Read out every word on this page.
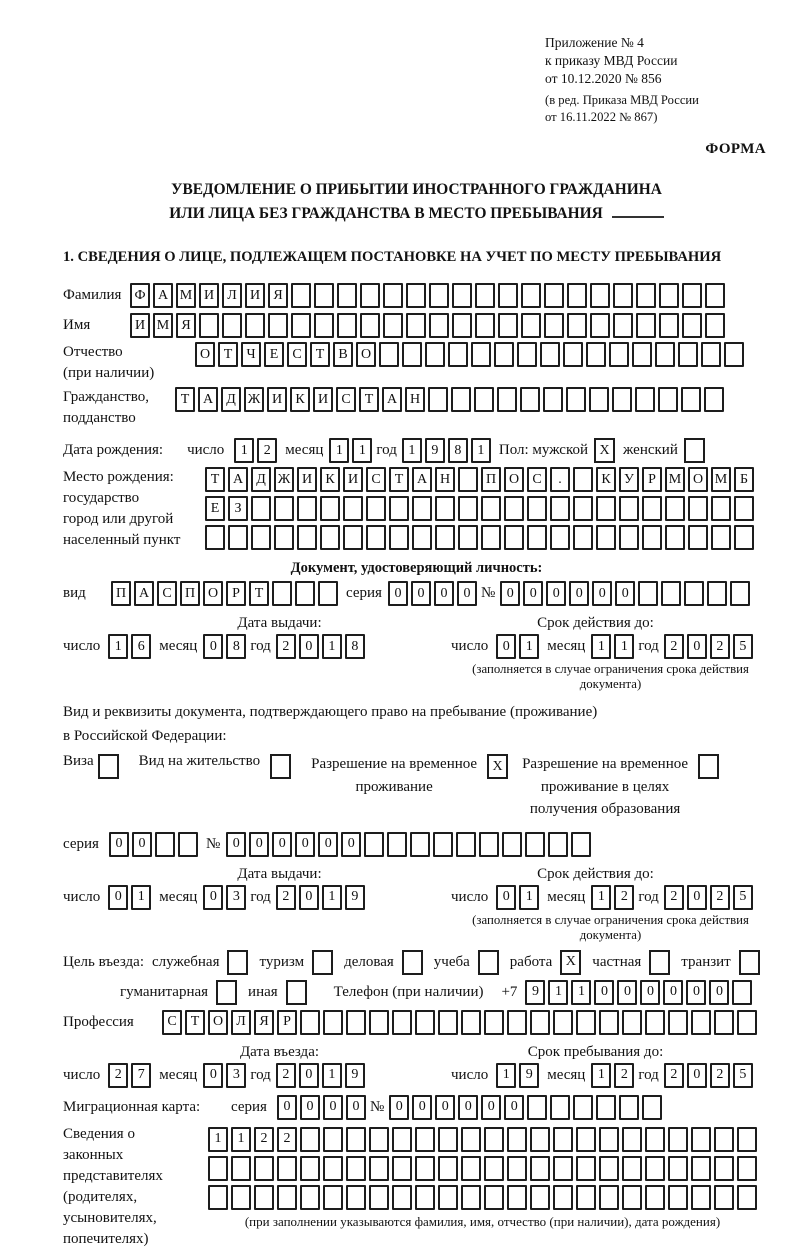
Приложение № 4
к приказу МВД России
от 10.12.2020 № 856
(в ред. Приказа МВД России
от 16.11.2022 № 867)
ФОРМА
УВЕДОМЛЕНИЕ О ПРИБЫТИИ ИНОСТРАННОГО ГРАЖДАНИНА
ИЛИ ЛИЦА БЕЗ ГРАЖДАНСТВА В МЕСТО ПРЕБЫВАНИЯ
1. СВЕДЕНИЯ О ЛИЦЕ, ПОДЛЕЖАЩЕМ ПОСТАНОВКЕ НА УЧЕТ ПО МЕСТУ ПРЕБЫВАНИЯ
Фамилия Ф А М И Л И Я
Имя	И М Я
Отчество
(при наличии)
О Т	Ч	Е	С	Т	В О
Гражданство,
подданство
Т А Д Ж И К И С	Т А Н
Дата рождения: число	1	2 месяц 1	1 год 1	9	8	1 Пол: мужской X женский
Место рождения:
государство
город или другой
населенный пункт
Т А Д Ж И К И С	Т А Н	П О С	.	К У	Р М О М Б
Е	З
Документ, удостоверяющий личность:
вид	П А С П О	Р	Т	серия 0	0	0	0 № 0	0	0	0	0	0
Дата выдачи:	Срок действия до:
число	1	6 месяц 0	8 год 2	0	1	8	число	0	1 месяц 1	1 год 2	0	2	5
(заполняется в случае ограничения срока действия документа)
Вид и реквизиты документа, подтверждающего право на пребывание (проживание)
в Российской Федерации:
Виза	Вид на жительство	Разрешение на временное
проживание
X	Разрешение на временное
проживание в целях
получения образования
серия	0	0	№ 0	0	0	0	0	0
Дата выдачи:	Срок действия до:
число	0	1 месяц 0	3 год 2	0	1	9	число	0	1 месяц 1	2 год 2	0	2	5
(заполняется в случае ограничения срока действия документа)
Цель въезда: служебная	туризм	деловая	учеба	работа X	частная	транзит
гуманитарная	иная	Телефон (при наличии) +7	9	1	1	0	0	0	0	0	0
Профессия	С	Т О Л Я	Р
Дата въезда:	Срок пребывания до:
число	2	7 месяц 0	3 год 2	0	1	9	число	1	9 месяц 1	2 год 2	0	2	5
Миграционная карта:	серия	0	0	0	0 № 0	0	0	0	0	0
Сведения о
законных
представителях
(родителях,
усыновителях,
попечителях)
1	1	2	2
(при заполнении указываются фамилия, имя, отчество (при наличии), дата рождения)
